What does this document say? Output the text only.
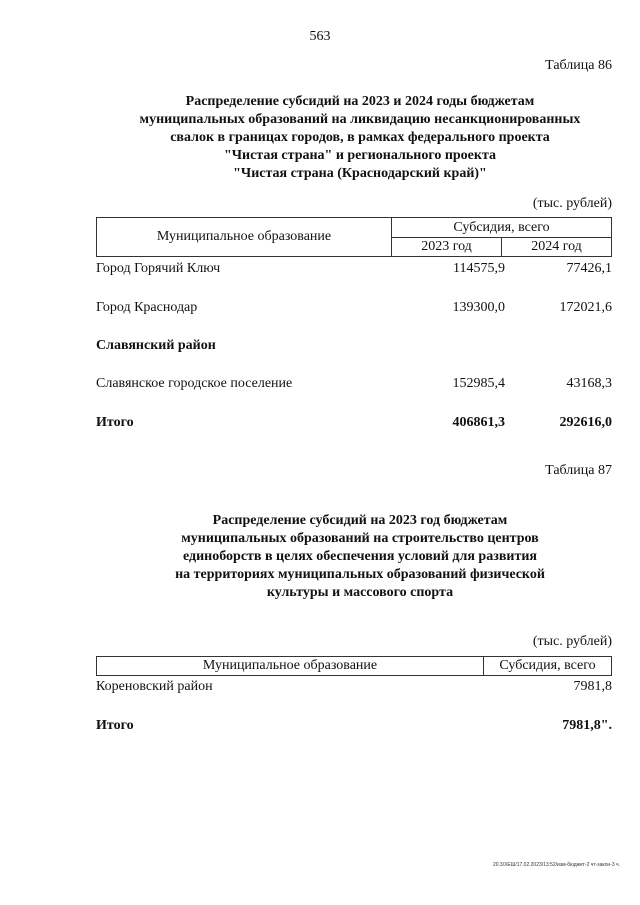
563
Таблица 86
Распределение субсидий на 2023 и 2024 годы бюджетам
муниципальных образований на ликвидацию несанкционированных
свалок в границах городов, в рамках федерального проекта
"Чистая страна" и регионального проекта
"Чистая страна (Краснодарский край)"
(тыс. рублей)
Муниципальное образование	Субсидия, всего	
	2023 год	2024 год
Город Горячий Ключ	114575,9	77426,1
Город Краснодар	139300,0	172021,6
Славянский район
Славянское городское поселение	152985,4	43168,3
Итого	406861,3	292616,0
Таблица 87
Распределение субсидий на 2023 год бюджетам
муниципальных образований на строительство центров
единоборств в целях обеспечения условий для развития
на территориях муниципальных образований физической
культуры и массового спорта
(тыс. рублей)
Муниципальное образование	Субсидия, всего
Кореновский район	7981,8
Итого	7981,8".
20.3/ХЕШ/17.02.2023/13:52/изм-бюджет-2 чт-закон-3 ч.
